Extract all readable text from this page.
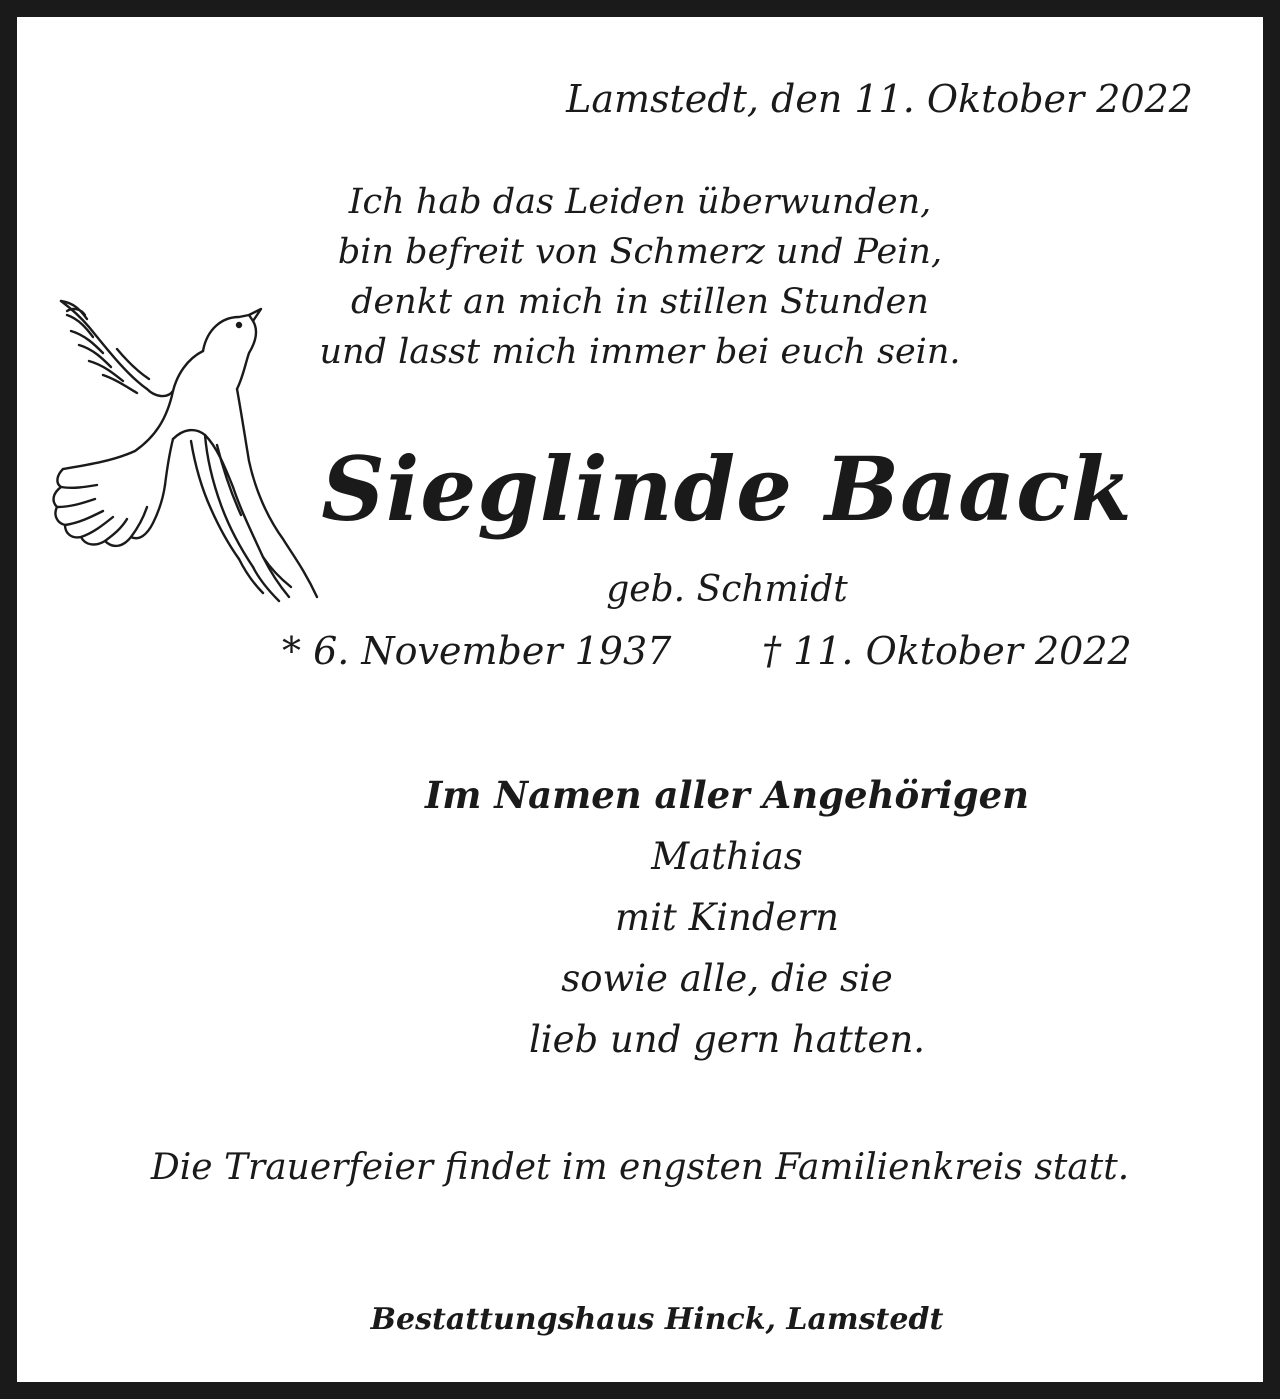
Lamstedt, den 11. Oktober 2022
Ich hab das Leiden überwunden,
bin befreit von Schmerz und Pein,
denkt an mich in stillen Stunden
und lasst mich immer bei euch sein.
Sieglinde Baack
geb. Schmidt
* 6. November 1937 † 11. Oktober 2022
Im Namen aller Angehörigen
Mathias
mit Kindern
sowie alle, die sie
lieb und gern hatten.
Die Trauerfeier findet im engsten Familienkreis statt.
Bestattungshaus Hinck, Lamstedt
